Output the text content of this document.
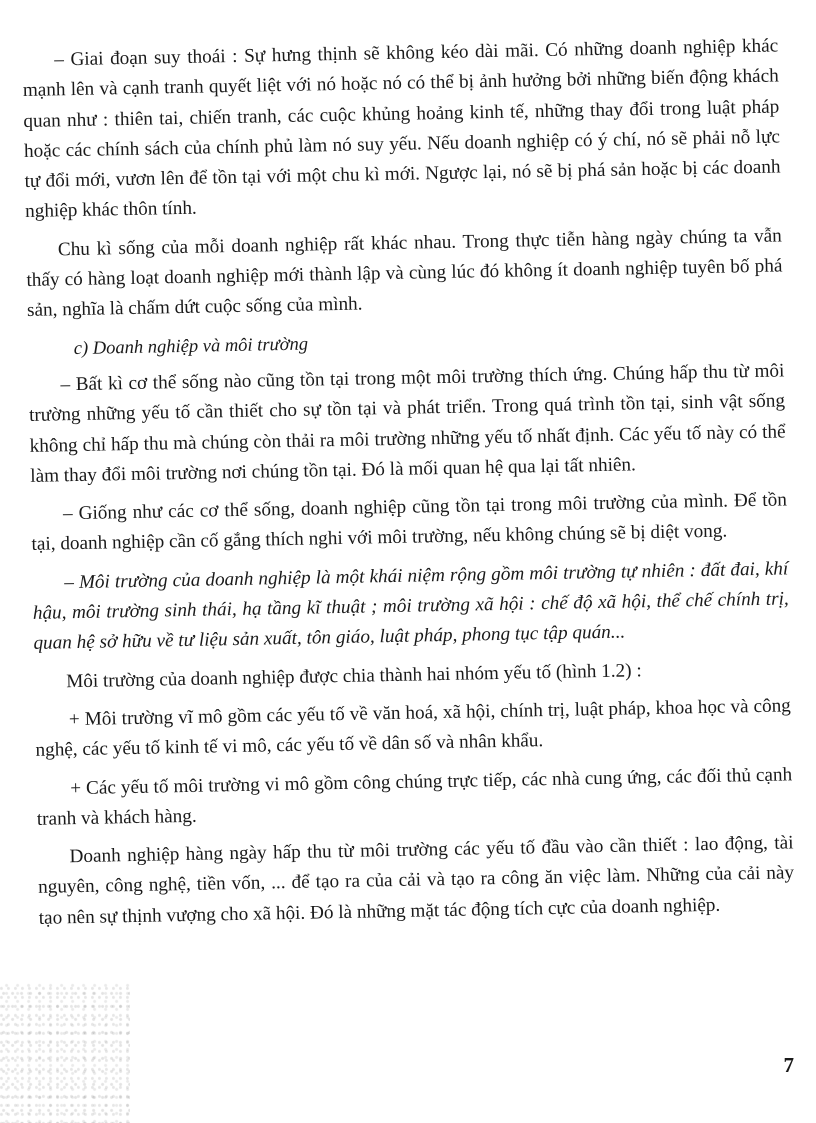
– Giai đoạn suy thoái : Sự hưng thịnh sẽ không kéo dài mãi. Có những doanh nghiệp khác mạnh lên và cạnh tranh quyết liệt với nó hoặc nó có thể bị ảnh hưởng bởi những biến động khách quan như : thiên tai, chiến tranh, các cuộc khủng hoảng kinh tế, những thay đổi trong luật pháp hoặc các chính sách của chính phủ làm nó suy yếu. Nếu doanh nghiệp có ý chí, nó sẽ phải nỗ lực tự đổi mới, vươn lên để tồn tại với một chu kì mới. Ngược lại, nó sẽ bị phá sản hoặc bị các doanh nghiệp khác thôn tính.

Chu kì sống của mỗi doanh nghiệp rất khác nhau. Trong thực tiễn hàng ngày chúng ta vẫn thấy có hàng loạt doanh nghiệp mới thành lập và cùng lúc đó không ít doanh nghiệp tuyên bố phá sản, nghĩa là chấm dứt cuộc sống của mình.

c) Doanh nghiệp và môi trường

– Bất kì cơ thể sống nào cũng tồn tại trong một môi trường thích ứng. Chúng hấp thu từ môi trường những yếu tố cần thiết cho sự tồn tại và phát triển. Trong quá trình tồn tại, sinh vật sống không chỉ hấp thu mà chúng còn thải ra môi trường những yếu tố nhất định. Các yếu tố này có thể làm thay đổi môi trường nơi chúng tồn tại. Đó là mối quan hệ qua lại tất nhiên.

– Giống như các cơ thể sống, doanh nghiệp cũng tồn tại trong môi trường của mình. Để tồn tại, doanh nghiệp cần cố gắng thích nghi với môi trường, nếu không chúng sẽ bị diệt vong.

– Môi trường của doanh nghiệp là một khái niệm rộng gồm môi trường tự nhiên : đất đai, khí hậu, môi trường sinh thái, hạ tầng kĩ thuật ; môi trường xã hội : chế độ xã hội, thể chế chính trị, quan hệ sở hữu về tư liệu sản xuất, tôn giáo, luật pháp, phong tục tập quán...

Môi trường của doanh nghiệp được chia thành hai nhóm yếu tố (hình 1.2) :

+ Môi trường vĩ mô gồm các yếu tố về văn hoá, xã hội, chính trị, luật pháp, khoa học và công nghệ, các yếu tố kinh tế vi mô, các yếu tố về dân số và nhân khẩu.

+ Các yếu tố môi trường vi mô gồm công chúng trực tiếp, các nhà cung ứng, các đối thủ cạnh tranh và khách hàng.

Doanh nghiệp hàng ngày hấp thu từ môi trường các yếu tố đầu vào cần thiết : lao động, tài nguyên, công nghệ, tiền vốn, ... để tạo ra của cải và tạo ra công ăn việc làm. Những của cải này tạo nên sự thịnh vượng cho xã hội. Đó là những mặt tác động tích cực của doanh nghiệp.

7
